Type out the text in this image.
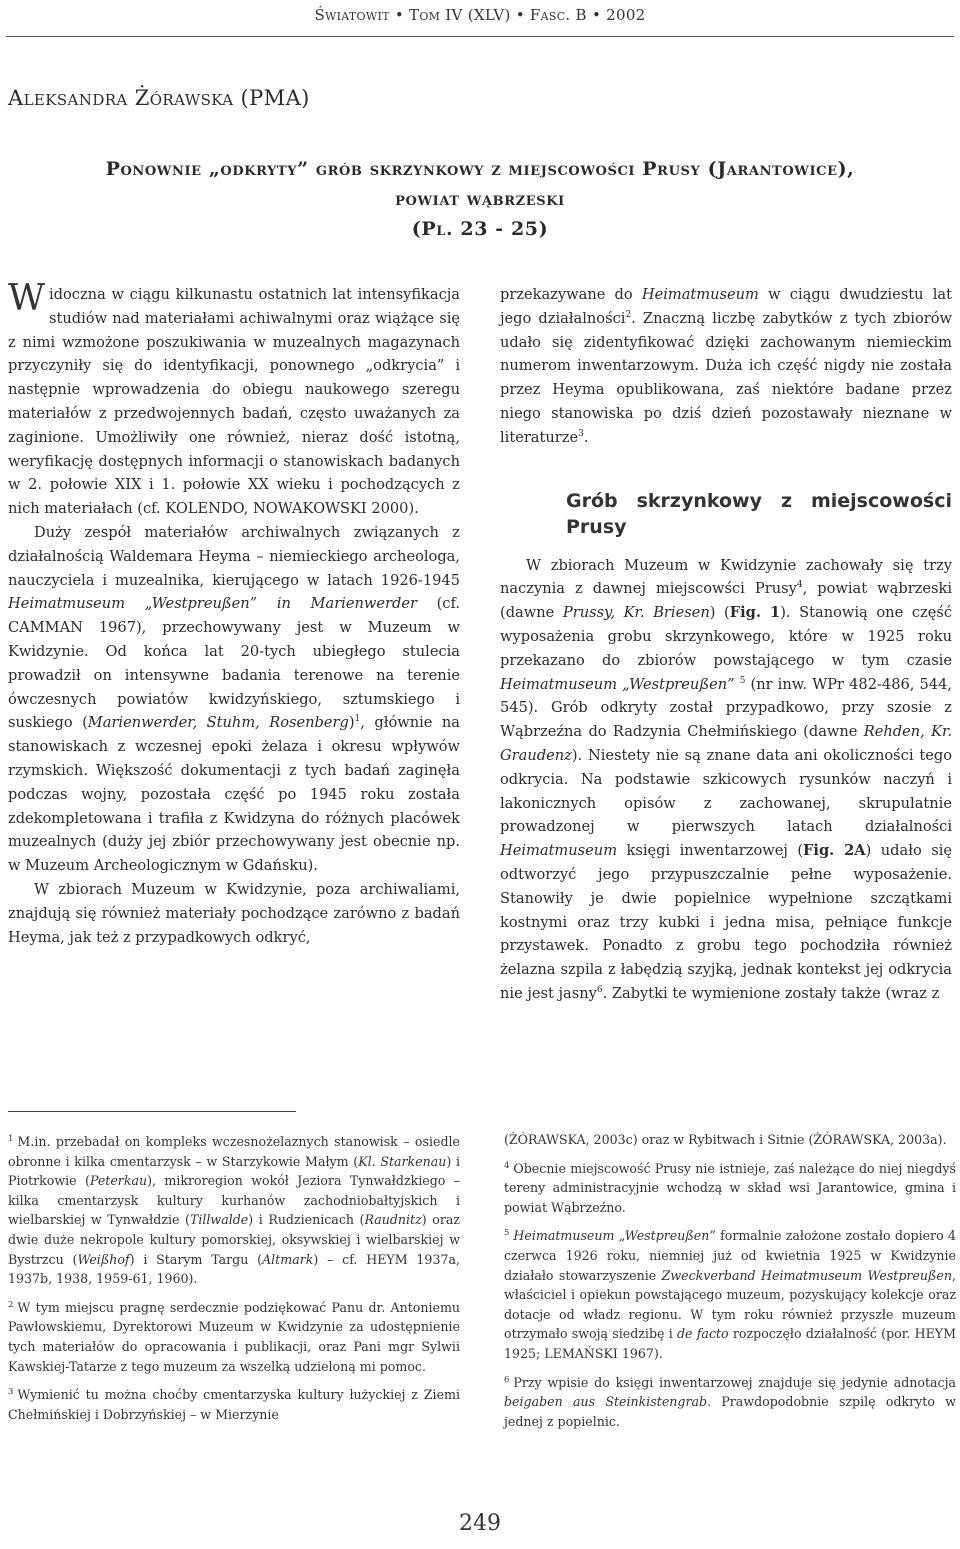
Światowit • Tom IV (XLV) • Fasc. B • 2002
Aleksandra Żórawska (PMA)
Ponownie „odkryty” grób skrzynkowy z miejscowości Prusy (Jarantowice),
powiat wąbrzeski
(Pl. 23 - 25)

Widoczna w ciągu kilkunastu ostatnich lat intensyfikacja studiów nad materiałami achiwalnymi oraz wiążące się z nimi wzmożone poszukiwania w muzealnych magazynach przyczyniły się do identyfikacji, ponownego „odkrycia” i następnie wprowadzenia do obiegu naukowego szeregu materiałów z przedwojennych badań, często uważanych za zaginione. Umożliwiły one również, nieraz dość istotną, weryfikację dostępnych informacji o stanowiskach badanych w 2. połowie XIX i 1. połowie XX wieku i pochodzących z nich materiałach (cf. KOLENDO, NOWAKOWSKI 2000).

Duży zespół materiałów archiwalnych związanych z działalnością Waldemara Heyma – niemieckiego archeologa, nauczyciela i muzealnika, kierującego w latach 1926-1945 Heimatmuseum „Westpreußen” in Marienwerder (cf. CAMMAN 1967), przechowywany jest w Muzeum w Kwidzynie. Od końca lat 20-tych ubiegłego stulecia prowadził on intensywne badania terenowe na terenie ówczesnych powiatów kwidzyńskiego, sztumskiego i suskiego (Marienwerder, Stuhm, Rosenberg)$^1$, głównie na stanowiskach z wczesnej epoki żelaza i okresu wpływów rzymskich. Większość dokumentacji z tych badań zaginęła podczas wojny, pozostała część po 1945 roku została zdekompletowana i trafiła z Kwidzyna do różnych placówek muzealnych (duży jej zbiór przechowywany jest obecnie np. w Muzeum Archeologicznym w Gdańsku).

W zbiorach Muzeum w Kwidzynie, poza archiwaliami, znajdują się również materiały pochodzące zarówno z badań Heyma, jak też z przypadkowych odkryć,

przekazywane do Heimatmuseum w ciągu dwudziestu lat jego działalności$^2$. Znaczną liczbę zabytków z tych zbiorów udało się zidentyfikować dzięki zachowanym niemieckim numerom inwentarzowym. Duża ich część nigdy nie została przez Heyma opublikowana, zaś niektóre badane przez niego stanowiska po dziś dzień pozostawały nieznane w literaturze$^3$.

Grób skrzynkowy z miejscowości Prusy

W zbiorach Muzeum w Kwidzynie zachowały się trzy naczynia z dawnej miejscowści Prusy$^4$, powiat wąbrzeski (dawne Prussy, Kr. Briesen) (Fig. 1). Stanowią one część wyposażenia grobu skrzynkowego, które w 1925 roku przekazano do zbiorów powstającego w tym czasie Heimatmuseum „Westpreußen” $^5$ (nr inw. WPr 482-486, 544, 545). Grób odkryty został przypadkowo, przy szosie z Wąbrzeźna do Radzynia Chełmińskiego (dawne Rehden, Kr. Graudenz). Niestety nie są znane data ani okoliczności tego odkrycia. Na podstawie szkicowych rysunków naczyń i lakonicznych opisów z zachowanej, skrupulatnie prowadzonej w pierwszych latach działalności Heimatmuseum księgi inwentarzowej (Fig. 2A) udało się odtworzyć jego przypuszczalnie pełne wyposażenie. Stanowiły je dwie popielnice wypełnione szczątkami kostnymi oraz trzy kubki i jedna misa, pełniące funkcje przystawek. Ponadto z grobu tego pochodziła również żelazna szpila z łabędzią szyjką, jednak kontekst jej odkrycia nie jest jasny$^6$. Zabytki te wymienione zostały także (wraz z

$^1$ M.in. przebadał on kompleks wczesnożelaznych stanowisk – osiedle obronne i kilka cmentarzysk – w Starzykowie Małym (Kl. Starkenau) i Piotrkowie (Peterkau), mikroregion wokół Jeziora Tynwałdzkiego – kilka cmentarzysk kultury kurhanów zachodniobałtyjskich i wielbarskiej w Tynwałdzie (Tillwalde) i Rudzienicach (Raudnitz) oraz dwie duże nekropole kultury pomorskiej, oksywskiej i wielbarskiej w Bystrzcu (Weißhof) i Starym Targu (Altmark) – cf. HEYM 1937a, 1937b, 1938, 1959-61, 1960).

$^2$ W tym miejscu pragnę serdecznie podziękować Panu dr. Antoniemu Pawłowskiemu, Dyrektorowi Muzeum w Kwidzynie za udostępnienie tych materiałów do opracowania i publikacji, oraz Pani mgr Sylwii Kawskiej-Tatarze z tego muzeum za wszelką udzieloną mi pomoc.

$^3$ Wymienić tu można choćby cmentarzyska kultury łużyckiej z Ziemi Chełmińskiej i Dobrzyńskiej – w Mierzynie

(ŻÓRAWSKA, 2003c) oraz w Rybitwach i Sitnie (ŻÓRAWSKA, 2003a).

$^4$ Obecnie miejscowość Prusy nie istnieje, zaś należące do niej niegdyś tereny administracyjnie wchodzą w skład wsi Jarantowice, gmina i powiat Wąbrzeźno.

$^5$ Heimatmuseum „Westpreußen” formalnie założone zostało dopiero 4 czerwca 1926 roku, niemniej już od kwietnia 1925 w Kwidzynie działało stowarzyszenie Zweckverband Heimatmuseum Westpreußen, właściciel i opiekun powstającego muzeum, pozyskujący kolekcje oraz dotacje od władz regionu. W tym roku również przyszłe muzeum otrzymało swoją siedzibę i de facto rozpoczęło działalność (por. HEYM 1925; LEMAŃSKI 1967).

$^6$ Przy wpisie do księgi inwentarzowej znajduje się jedynie adnotacja beigaben aus Steinkistengrab. Prawdopodobnie szpilę odkryto w jednej z popielnic.

249
